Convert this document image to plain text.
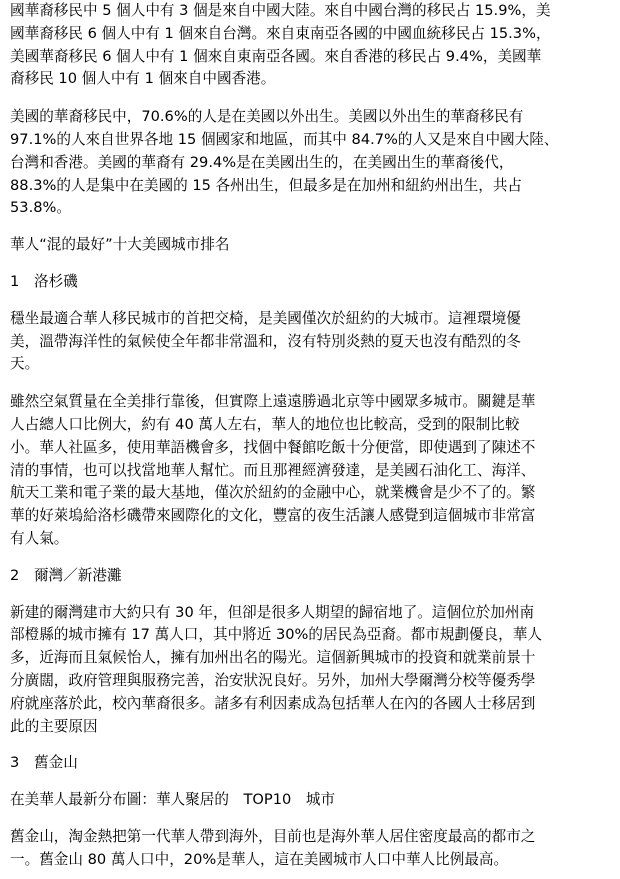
國華裔移民中 5 個人中有 3 個是來自中國大陸。來自中國台灣的移民占 15.9%，美
國華裔移民 6 個人中有 1 個來自台灣。來自東南亞各國的中國血統移民占 15.3%，
美國華裔移民 6 個人中有 1 個來自東南亞各國。來自香港的移民占 9.4%，美國華
裔移民 10 個人中有 1 個來自中國香港。
美國的華裔移民中，70.6%的人是在美國以外出生。美國以外出生的華裔移民有
97.1%的人來自世界各地 15 個國家和地區，而其中 84.7%的人又是來自中國大陸、
台灣和香港。美國的華裔有 29.4%是在美國出生的，在美國出生的華裔後代，
88.3%的人是集中在美國的 15 各州出生，但最多是在加州和紐約州出生，共占
53.8%。
華人“混的最好”十大美國城市排名
1 洛杉磯
穩坐最適合華人移民城市的首把交椅，是美國僅次於紐約的大城市。這裡環境優
美，溫帶海洋性的氣候使全年都非常溫和，沒有特別炎熱的夏天也沒有酷烈的冬
天。
雖然空氣質量在全美排行靠後，但實際上遠遠勝過北京等中國眾多城市。關鍵是華
人占總人口比例大，約有 40 萬人左右，華人的地位也比較高，受到的限制比較
小。華人社區多，使用華語機會多，找個中餐館吃飯十分便當，即使遇到了陳述不
清的事情，也可以找當地華人幫忙。而且那裡經濟發達，是美國石油化工、海洋、
航天工業和電子業的最大基地，僅次於紐約的金融中心，就業機會是少不了的。繁
華的好萊塢給洛杉磯帶來國際化的文化，豐富的夜生活讓人感覺到這個城市非常富
有人氣。
2 爾灣／新港灘
新建的爾灣建市大約只有 30 年，但卻是很多人期望的歸宿地了。這個位於加州南
部橙縣的城市擁有 17 萬人口，其中將近 30%的居民為亞裔。都市規劃優良，華人
多，近海而且氣候怡人，擁有加州出名的陽光。這個新興城市的投資和就業前景十
分廣闊，政府管理與服務完善，治安狀況良好。另外，加州大學爾灣分校等優秀學
府就座落於此，校內華裔很多。諸多有利因素成為包括華人在內的各國人士移居到
此的主要原因
3 舊金山
在美華人最新分布圖：華人聚居的　TOP10　城市
舊金山，淘金熱把第一代華人帶到海外，目前也是海外華人居住密度最高的都市之
一。舊金山 80 萬人口中，20%是華人，這在美國城市人口中華人比例最高。
